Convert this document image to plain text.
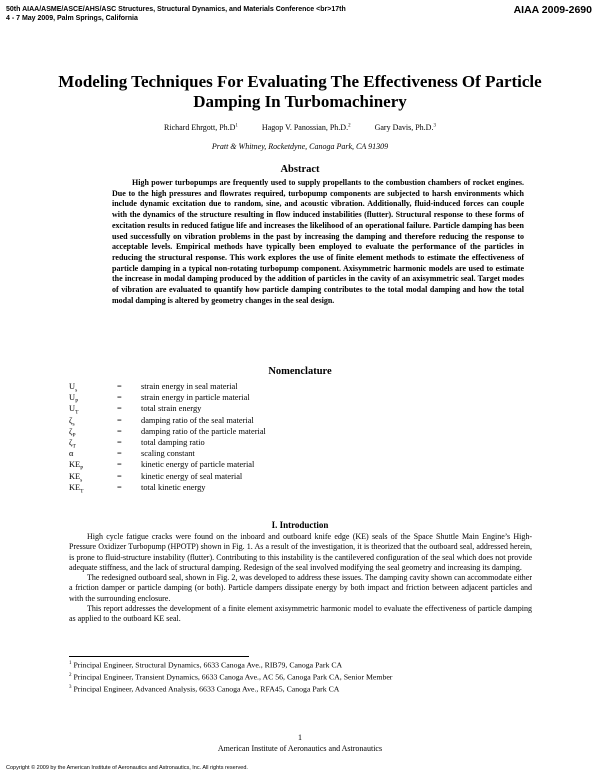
50th AIAA/ASME/ASCE/AHS/ASC Structures, Structural Dynamics, and Materials Conference <br>17th
4 - 7 May 2009, Palm Springs, California
AIAA 2009-2690
Modeling Techniques For Evaluating The Effectiveness Of Particle Damping In Turbomachinery
Richard Ehrgott, $Ph.D^1$	Hagop V. Panossian, Ph.D.$^2$	Gary Davis, Ph.D.$^3$
Pratt & Whitney, Rocketdyne, Canoga Park, CA 91309
Abstract
High power turbopumps are frequently used to supply propellants to the combustion chambers of rocket engines. Due to the high pressures and flowrates required, turbopump components are subjected to harsh environments which include dynamic excitation due to random, sine, and acoustic vibration. Additionally, fluid-induced forces can couple with the dynamics of the structure resulting in flow induced instabilities (flutter). Structural response to these forms of excitation results in reduced fatigue life and increases the likelihood of an operational failure. Particle damping has been used successfully on vibration problems in the past by increasing the damping and therefore reducing the response to acceptable levels. Empirical methods have typically been employed to evaluate the performance of the particles in reducing the structural response. This work explores the use of finite element methods to estimate the effectiveness of particle damping in a typical non-rotating turbopump component. Axisymmetric harmonic models are used to estimate the increase in modal damping produced by the addition of particles in the cavity of an axisymmetric seal. Target modes of vibration are evaluated to quantify how particle damping contributes to the total modal damping and how the total modal damping is altered by geometry changes in the seal design.
Nomenclature
$U_s$	= strain energy in seal material
$U_P$	= strain energy in particle material
$U_T$	= total strain energy
$\zeta_s$	= damping ratio of the seal material
$\zeta_P$	= damping ratio of the particle material
$\zeta_T$	= total damping ratio
α	= scaling constant
$KE_P$	= kinetic energy of particle material
$KE_s$	= kinetic energy of seal material
$KE_T$	= total kinetic energy
I. Introduction

High cycle fatigue cracks were found on the inboard and outboard knife edge (KE) seals of the Space Shuttle Main Engine’s High-Pressure Oxidizer Turbopump (HPOTP) shown in Fig. 1. As a result of the investigation, it is theorized that the outboard seal, addressed herein, is prone to fluid-structure instability (flutter). Contributing to this instability is the cantilevered configuration of the seal which does not provide adequate stiffness, and the lack of structural damping. Redesign of the seal involved modifying the seal geometry and increasing its damping.

The redesigned outboard seal, shown in Fig. 2, was developed to address these issues. The damping cavity shown can accommodate either a friction damper or particle damping (or both). Particle dampers dissipate energy by both impact and friction between adjacent particles and with the surrounding enclosure.

This report addresses the development of a finite element axisymmetric harmonic model to evaluate the effectiveness of particle damping as applied to the outboard KE seal.

$^1$ Principal Engineer, Structural Dynamics, 6633 Canoga Ave., RIB79, Canoga Park CA
$^2$ Principal Engineer, Transient Dynamics, 6633 Canoga Ave., AC 56, Canoga Park CA, Senior Member
$^3$ Principal Engineer, Advanced Analysis, 6633 Canoga Ave., RFA45, Canoga Park CA
1
American Institute of Aeronautics and Astronautics
Copyright © 2009 by the American Institute of Aeronautics and Astronautics, Inc. All rights reserved.
